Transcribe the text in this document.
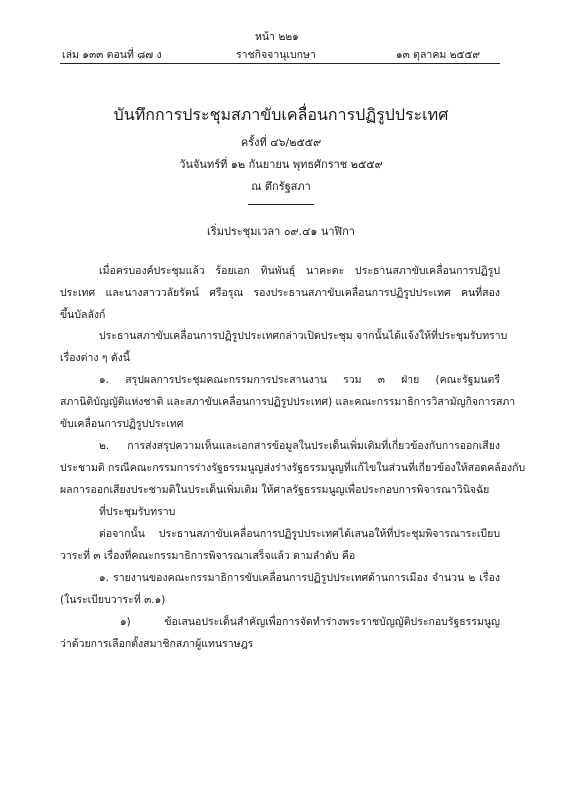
หน้า ๒๒๑
เล่ม ๑๓๓ ตอนที่ ๘๗ ง	ราชกิจจานุเบกษา	๑๓ ตุลาคม ๒๕๕๙
บันทึกการประชุมสภาขับเคลื่อนการปฏิรูปประเทศ
ครั้งที่ ๔๖/๒๕๕๙
วันจันทร์ที่ ๑๒ กันยายน พุทธศักราช ๒๕๕๙
ณ ตึกรัฐสภา
เริ่มประชุมเวลา ๐๙.๔๑ นาฬิกา
เมื่อครบองค์ประชุมแล้ว ร้อยเอก ทินพันธุ์ นาคะตะ ประธานสภาขับเคลื่อนการปฏิรูป
ประเทศ และนางสาววลัยรัตน์ ศรีอรุณ รองประธานสภาขับเคลื่อนการปฏิรูปประเทศ คนที่สอง
ขึ้นบัลลังก์
ประธานสภาขับเคลื่อนการปฏิรูปประเทศกล่าวเปิดประชุม จากนั้นได้แจ้งให้ที่ประชุมรับทราบ
เรื่องต่าง ๆ ดังนี้
๑. สรุปผลการประชุมคณะกรรมการประสานงาน รวม ๓ ฝ่าย (คณะรัฐมนตรี
สภานิติบัญญัติแห่งชาติ และสภาขับเคลื่อนการปฏิรูปประเทศ) และคณะกรรมาธิการวิสามัญกิจการสภา
ขับเคลื่อนการปฏิรูปประเทศ
๒. การส่งสรุปความเห็นและเอกสารข้อมูลในประเด็นเพิ่มเติมที่เกี่ยวข้องกับการออกเสียง
ประชามติ กรณีคณะกรรมการร่างรัฐธรรมนูญส่งร่างรัฐธรรมนูญที่แก้ไขในส่วนที่เกี่ยวข้องให้สอดคล้องกับ
ผลการออกเสียงประชามติในประเด็นเพิ่มเติม ให้ศาลรัฐธรรมนูญเพื่อประกอบการพิจารณาวินิจฉัย
ที่ประชุมรับทราบ
ต่อจากนั้น ประธานสภาขับเคลื่อนการปฏิรูปประเทศได้เสนอให้ที่ประชุมพิจารณาระเบียบ
วาระที่ ๓ เรื่องที่คณะกรรมาธิการพิจารณาเสร็จแล้ว ตามลำดับ คือ
๑. รายงานของคณะกรรมาธิการขับเคลื่อนการปฏิรูปประเทศด้านการเมือง จำนวน ๒ เรื่อง
(ในระเบียบวาระที่ ๓.๑)
๑) ข้อเสนอประเด็นสำคัญเพื่อการจัดทำร่างพระราชบัญญัติประกอบรัฐธรรมนูญ
ว่าด้วยการเลือกตั้งสมาชิกสภาผู้แทนราษฎร
